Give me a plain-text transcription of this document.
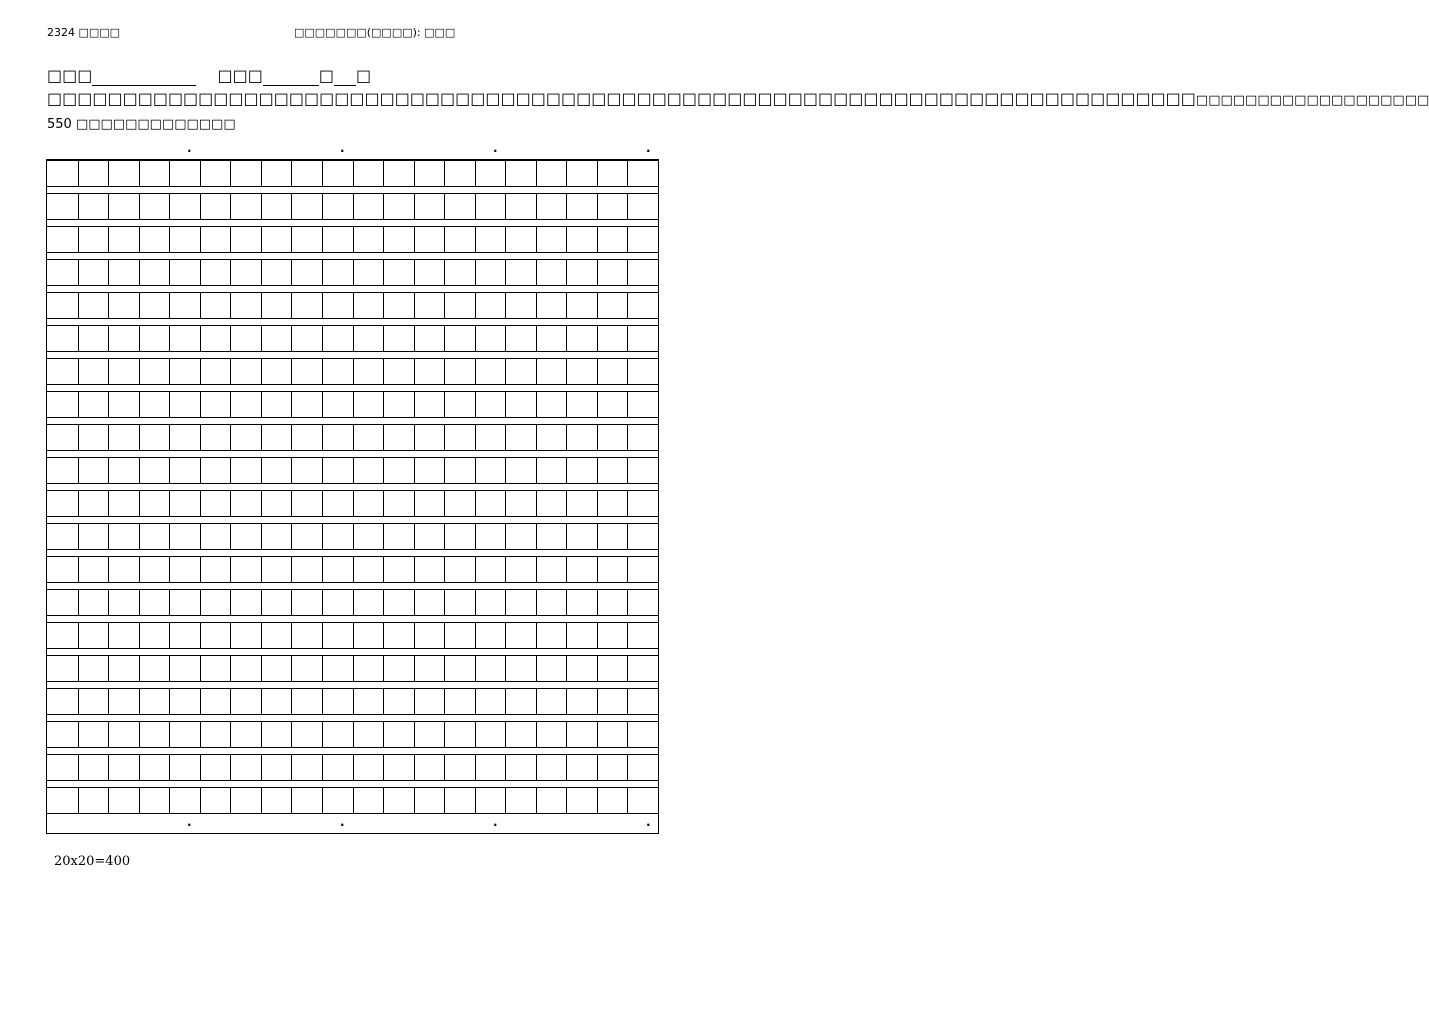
2324 □□□□	□□□□□□□(□□□□): □□□
□□□	□□□	□ □
□□□□□□□□□□□□□□□□□□□□□□□□□□□□□□□□□□□□□□□□□□□□□□□□□□□□□□□□□□□□□□□□□□□□□□□□□□□□□□□□□□□□□□□□□□□□□□□ 550 □□□□□□□□□□□□□
·	·	·	·
·	·	·	·
20x20=400
